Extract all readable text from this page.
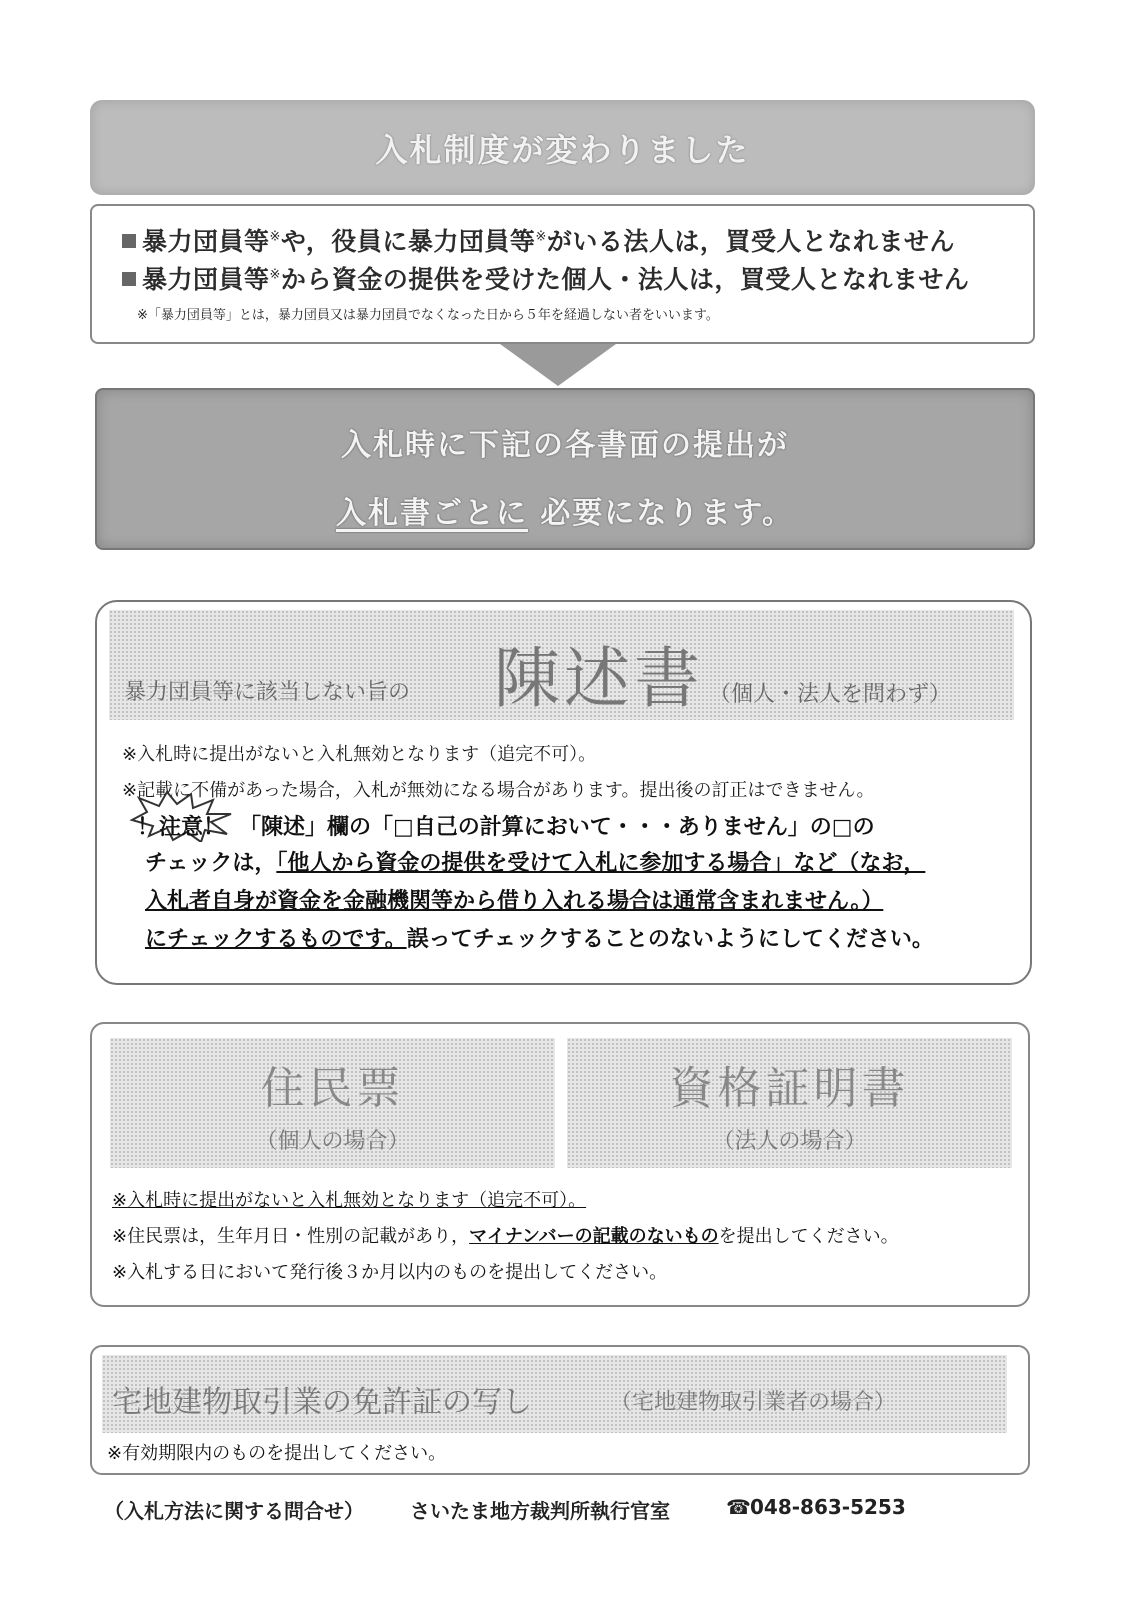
入札制度が変わりました
暴力団員等※や，役員に暴力団員等※がいる法人は，買受人となれません
暴力団員等※から資金の提供を受けた個人・法人は，買受人となれません
※「暴力団員等」とは，暴力団員又は暴力団員でなくなった日から５年を経過しない者をいいます。
入札時に下記の各書面の提出が
入札書ごとに 必要になります。
暴力団員等に該当しない旨の 陳述書 （個人・法人を問わず）
※入札時に提出がないと入札無効となります（追完不可）。
※記載に不備があった場合，入札が無効になる場合があります。提出後の訂正はできません。
！注意！ 「陳述」欄の「□自己の計算において・・・ありません」の□の
チェックは，「他人から資金の提供を受けて入札に参加する場合」など（なお，
入札者自身が資金を金融機関等から借り入れる場合は通常含まれません。）
にチェックするものです。誤ってチェックすることのないようにしてください。
住民票
（個人の場合）
資格証明書
（法人の場合）
※入札時に提出がないと入札無効となります（追完不可）。
※住民票は，生年月日・性別の記載があり，マイナンバーの記載のないものを提出してください。
※入札する日において発行後３か月以内のものを提出してください。
宅地建物取引業の免許証の写し	（宅地建物取引業者の場合）
※有効期限内のものを提出してください。
（入札方法に関する問合せ） さいたま地方裁判所執行官室	☎ 048-863-5253
